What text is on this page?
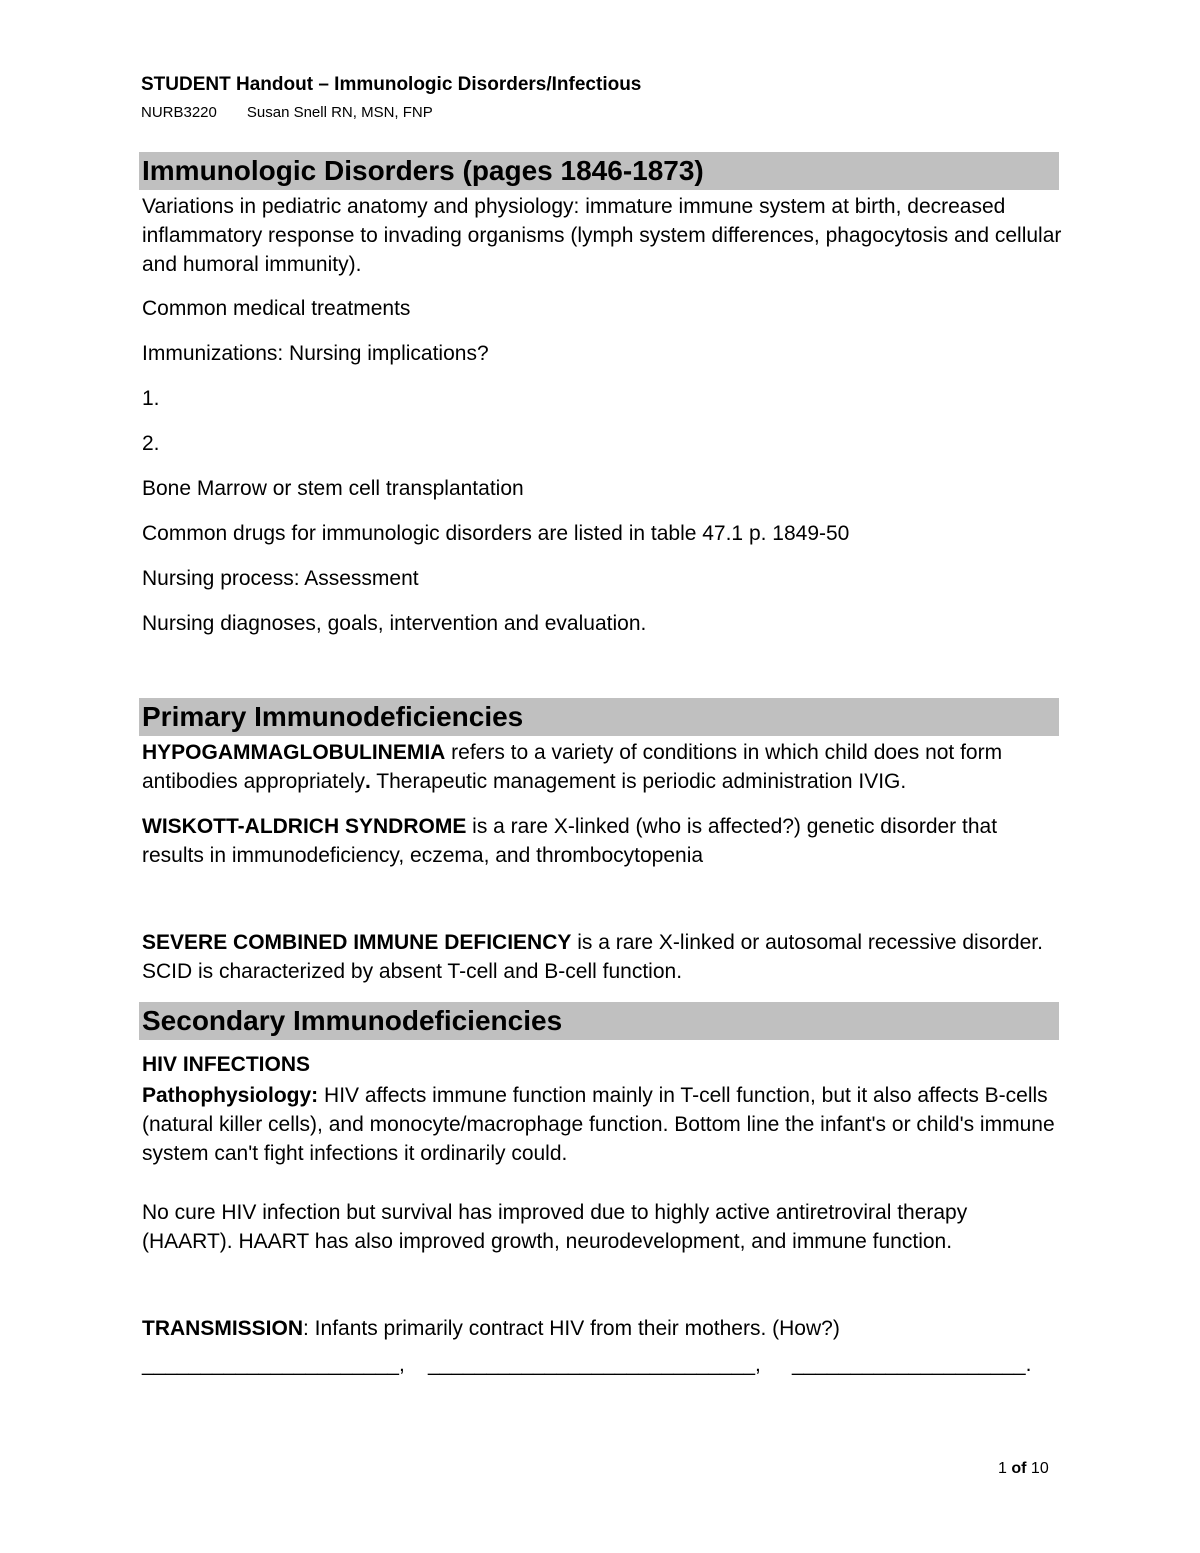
STUDENT Handout – Immunologic Disorders/Infectious
NURB3220 Susan Snell RN, MSN, FNP
Immunologic Disorders (pages 1846-1873)
Variations in pediatric anatomy and physiology: immature immune system at birth, decreased inflammatory response to invading organisms (lymph system differences, phagocytosis and cellular and humoral immunity).
Common medical treatments
Immunizations: Nursing implications?
1.
2.
Bone Marrow or stem cell transplantation
Common drugs for immunologic disorders are listed in table 47.1 p. 1849-50
Nursing process: Assessment
Nursing diagnoses, goals, intervention and evaluation.
Primary Immunodeficiencies
HYPOGAMMAGLOBULINEMIA refers to a variety of conditions in which child does not form antibodies appropriately. Therapeutic management is periodic administration IVIG.
WISKOTT-ALDRICH SYNDROME is a rare X-linked (who is affected?) genetic disorder that results in immunodeficiency, eczema, and thrombocytopenia
SEVERE COMBINED IMMUNE DEFICIENCY is a rare X-linked or autosomal recessive disorder. SCID is characterized by absent T-cell and B-cell function.
Secondary Immunodeficiencies
HIV INFECTIONS
Pathophysiology: HIV affects immune function mainly in T-cell function, but it also affects B-cells (natural killer cells), and monocyte/macrophage function. Bottom line the infant's or child's immune system can't fight infections it ordinarily could.
No cure HIV infection but survival has improved due to highly active antiretroviral therapy (HAART). HAART has also improved growth, neurodevelopment, and immune function.
TRANSMISSION: Infants primarily contract HIV from their mothers. (How?)
______________________, ____________________________, ____________________.
1 of 10
